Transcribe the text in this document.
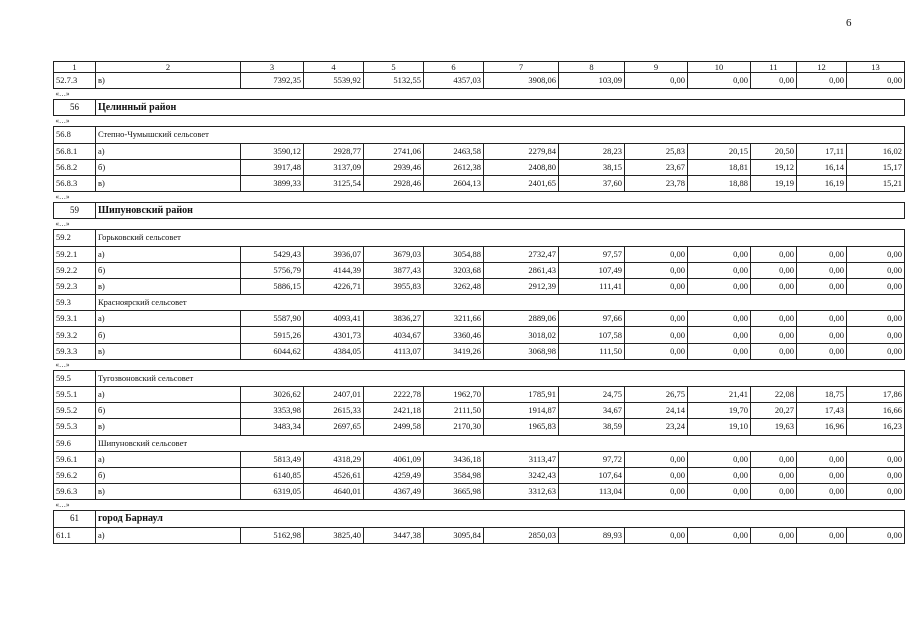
6
1	2	3	4	5	6	7	8	9	10	11	12	13
52.7.3	в)	7392,35	5539,92	5132,55	4357,03	3908,06	103,09	0,00	0,00	0,00	0,00	0,00
«…»												
56	Целинный район											
«…»												
56.8	Степно-Чумышский сельсовет											
56.8.1	а)	3590,12	2928,77	2741,06	2463,58	2279,84	28,23	25,83	20,15	20,50	17,11	16,02
56.8.2	б)	3917,48	3137,09	2939,46	2612,38	2408,80	38,15	23,67	18,81	19,12	16,14	15,17
56.8.3	в)	3899,33	3125,54	2928,46	2604,13	2401,65	37,60	23,78	18,88	19,19	16,19	15,21
«…»												
59	Шипуновский район											
«…»												
59.2	Горьковский сельсовет											
59.2.1	а)	5429,43	3936,07	3679,03	3054,88	2732,47	97,57	0,00	0,00	0,00	0,00	0,00
59.2.2	б)	5756,79	4144,39	3877,43	3203,68	2861,43	107,49	0,00	0,00	0,00	0,00	0,00
59.2.3	в)	5886,15	4226,71	3955,83	3262,48	2912,39	111,41	0,00	0,00	0,00	0,00	0,00
59.3	Красноярский сельсовет											
59.3.1	а)	5587,90	4093,41	3836,27	3211,66	2889,06	97,66	0,00	0,00	0,00	0,00	0,00
59.3.2	б)	5915,26	4301,73	4034,67	3360,46	3018,02	107,58	0,00	0,00	0,00	0,00	0,00
59.3.3	в)	6044,62	4384,05	4113,07	3419,26	3068,98	111,50	0,00	0,00	0,00	0,00	0,00
«…»												
59.5	Тугозвоновский сельсовет											
59.5.1	а)	3026,62	2407,01	2222,78	1962,70	1785,91	24,75	26,75	21,41	22,08	18,75	17,86
59.5.2	б)	3353,98	2615,33	2421,18	2111,50	1914,87	34,67	24,14	19,70	20,27	17,43	16,66
59.5.3	в)	3483,34	2697,65	2499,58	2170,30	1965,83	38,59	23,24	19,10	19,63	16,96	16,23
59.6	Шипуновский сельсовет											
59.6.1	а)	5813,49	4318,29	4061,09	3436,18	3113,47	97,72	0,00	0,00	0,00	0,00	0,00
59.6.2	б)	6140,85	4526,61	4259,49	3584,98	3242,43	107,64	0,00	0,00	0,00	0,00	0,00
59.6.3	в)	6319,05	4640,01	4367,49	3665,98	3312,63	113,04	0,00	0,00	0,00	0,00	0,00
«…»												
61	город Барнаул											
61.1	а)	5162,98	3825,40	3447,38	3095,84	2850,03	89,93	0,00	0,00	0,00	0,00	0,00
